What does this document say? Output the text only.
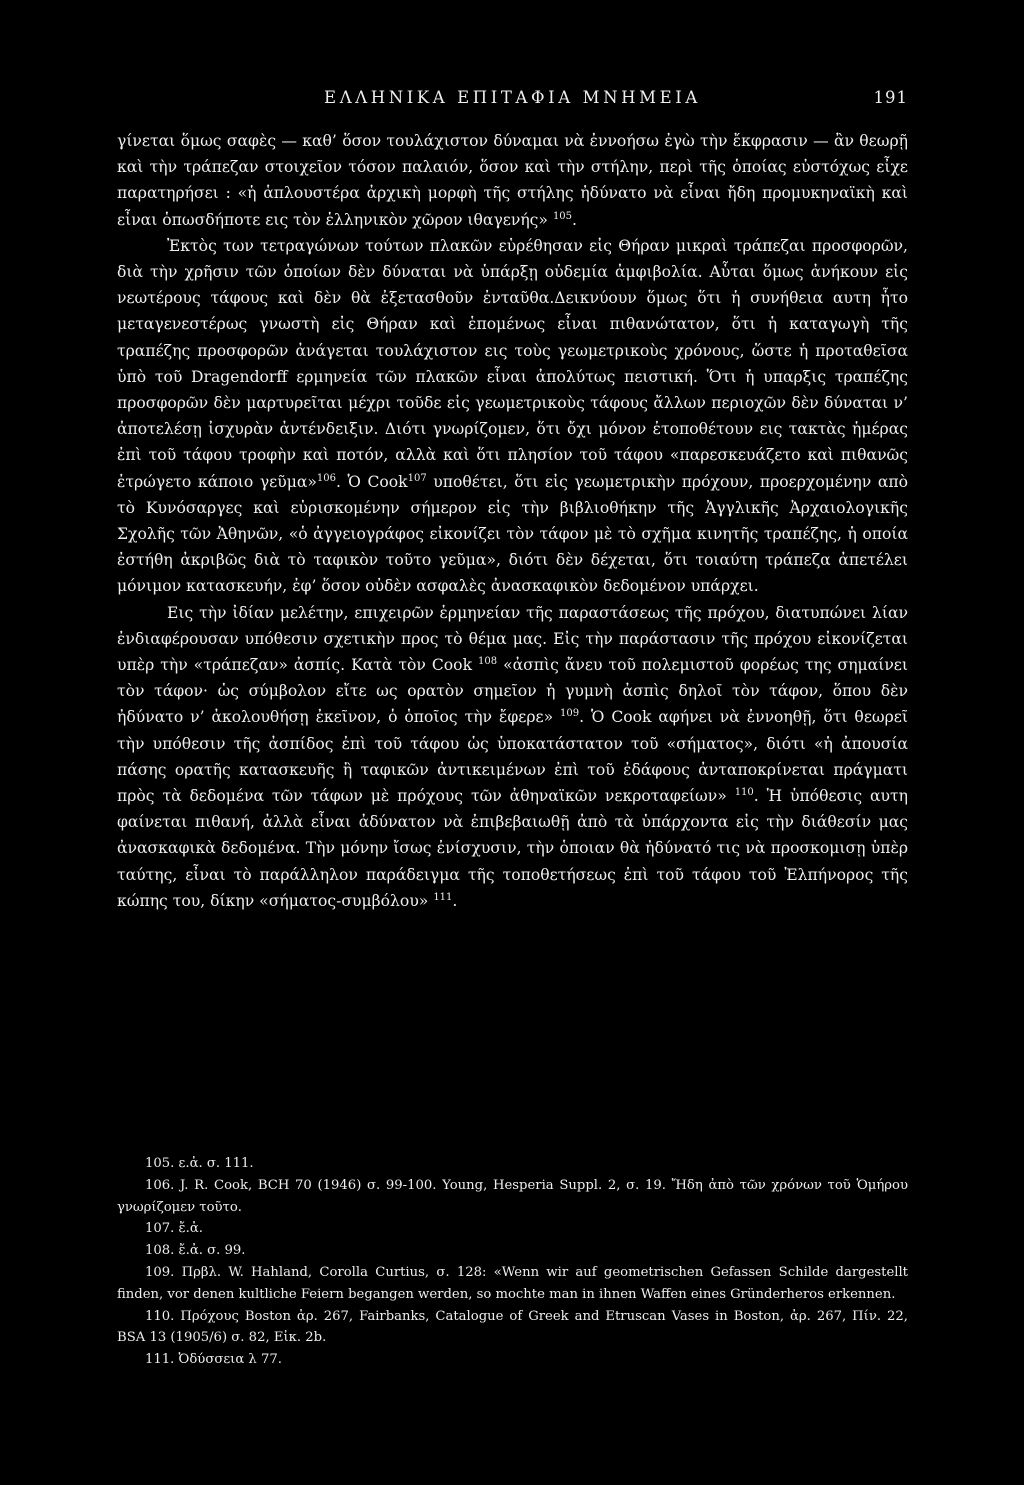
ΕΛΛΗΝΙΚΑ ΕΠΙΤΑΦΙΑ ΜΝΗΜΕΙΑ	191

γίνεται ὅμως σαφὲς — καθ’ ὅσον τουλάχιστον δύναμαι νὰ ἐννοήσω ἐγὼ τὴν ἔκφρασιν — ἂν θεωρῇ καὶ τὴν τράπεζαν στοιχεῖον τόσον παλαιόν, ὅσον καὶ τὴν στήλην, περὶ τῆς ὁποίας εὐστόχως εἶχε παρατηρήσει : «ἡ ἁπλουστέρα ἀρχικὴ μορφὴ τῆς στήλης ἠδύνατο νὰ εἶναι ἤδη προμυκηναϊκὴ καὶ εἶναι ὁπωσδήποτε εις τὸν ἑλληνικὸν χῶρον ιθαγενής» $^{105}$.

Ἐκτὸς των τετραγώνων τούτων πλακῶν εὑρέθησαν εἰς Θήραν μικραὶ τράπεζαι προσφορῶν, διὰ τὴν χρῆσιν τῶν ὁποίων δὲν δύναται νὰ ὑπάρξῃ οὐδεμία ἀμφιβολία. Αὗται ὅμως ἀνήκουν εἰς νεωτέρους τάφους καὶ δὲν θὰ ἐξετασθοῦν ἐνταῦθα.Δεικνύουν ὅμως ὅτι ἡ συνήθεια αυτη ἦτο μεταγενεστέρως γνωστὴ εἰς Θήραν καὶ ἑπομένως εἶναι πιθανώτατον, ὅτι ἡ καταγωγὴ τῆς τραπέζης προσφορῶν ἀνάγεται τουλάχιστον εις τοὺς γεωμετρικοὺς χρόνους, ὥστε ἡ προταθεῖσα ὑπὸ τοῦ Dragendorff ερμηνεία τῶν πλακῶν εἶναι ἀπολύτως πειστική. Ὅτι ἡ υπαρξις τραπέζης προσφορῶν δὲν μαρτυρεῖται μέχρι τοῦδε εἰς γεωμετρικοὺς τάφους ἄλλων περιοχῶν δὲν δύναται ν’ ἀποτελέσῃ ἰσχυρὰν ἀντένδειξιν. Διότι γνωρίζομεν, ὅτι ὄχι μόνον ἐτοποθέτουν εις τακτὰς ἡμέρας ἐπὶ τοῦ τάφου τροφὴν καὶ ποτόν, αλλὰ καὶ ὅτι πλησίον τοῦ τάφου «παρεσκευάζετο καὶ πιθανῶς ἐτρώγετο κάποιο γεῦμα»$^{106}$. Ὁ Cook$^{107}$ υποθέτει, ὅτι εἰς γεωμετρικὴν πρόχουν, προερχομένην απὸ τὸ Κυνόσαργες καὶ εὑρισκομένην σήμερον εἰς τὴν βιβλιοθήκην τῆς Ἀγγλικῆς Ἀρχαιολογικῆς Σχολῆς τῶν Ἀθηνῶν, «ὁ ἀγγειογράφος εἰκονίζει τὸν τάφον μὲ τὸ σχῆμα κινητῆς τραπέζης, ἡ οποία ἐστήθη ἀκριβῶς διὰ τὸ ταφικὸν τοῦτο γεῦμα», διότι δὲν δέχεται, ὅτι τοιαύτη τράπεζα ἀπετέλει μόνιμον κατασκευήν, ἐφ’ ὅσον οὐδὲν ασφαλὲς ἀνασκαφικὸν δεδομένον υπάρχει.

Εις τὴν ἰδίαν μελέτην, επιχειρῶν ἑρμηνείαν τῆς παραστάσεως τῆς πρόχου, διατυπώνει λίαν ἐνδιαφέρουσαν υπόθεσιν σχετικὴν προς τὸ θέμα μας. Εἰς τὴν παράστασιν τῆς πρόχου εἰκονίζεται υπὲρ τὴν «τράπεζαν» ἀσπίς. Κατὰ τὸν Cook $^{108}$ «ἀσπὶς ἄνευ τοῦ πολεμιστοῦ φορέως της σημαίνει τὸν τάφον· ὡς σύμβολον εἴτε ως ορατὸν σημεῖον ἡ γυμνὴ ἀσπὶς δηλοῖ τὸν τάφον, ὅπου δὲν ἠδύνατο ν’ ἀκολουθήσῃ ἐκεῖνον, ὁ ὁποῖος τὴν ἔφερε» $^{109}$. Ὁ Cook αφήνει νὰ ἐννοηθῇ, ὅτι θεωρεῖ τὴν υπόθεσιν τῆς ἀσπίδος ἐπὶ τοῦ τάφου ὡς ὑποκατάστατον τοῦ «σήματος», διότι «ἡ ἀπουσία πάσης ορατῆς κατασκευῆς ἢ ταφικῶν ἀντικειμένων ἐπὶ τοῦ ἐδάφους ἀνταποκρίνεται πράγματι πρὸς τὰ δεδομένα τῶν τάφων μὲ πρόχους τῶν ἀθηναϊκῶν νεκροταφείων» $^{110}$. Ἡ ὑπόθεσις αυτη φαίνεται πιθανή, ἀλλὰ εἶναι ἀδύνατον νὰ ἐπιβεβαιωθῇ ἀπὸ τὰ ὑπάρχοντα εἰς τὴν διάθεσίν μας ἀνασκαφικὰ δεδομένα. Τὴν μόνην ἴσως ἐνίσχυσιν, τὴν ὁποιαν θὰ ἠδύνατό τις νὰ προσκομισῃ ὑπὲρ ταύτης, εἶναι τὸ παράλληλον παράδειγμα τῆς τοποθετήσεως ἐπὶ τοῦ τάφου τοῦ Ἐλπήνορος τῆς κώπης του, δίκην «σήματος-συμβόλου» $^{111}$.

105. ε.ἀ. σ. 111.

106. J. R. Cook, BCH 70 (1946) σ. 99-100. Young, Hesperia Suppl. 2, σ. 19. Ἤδη ἀπὸ τῶν χρόνων τοῦ Ὁμήρου γνωρίζομεν τοῦτο.

107. ἔ.ἀ.

108. ἔ.ἀ. σ. 99.

109. Πρβλ. W. Hahland, Corolla Curtius, σ. 128: «Wenn wir auf geometrischen Gefassen Schilde dargestellt finden, vor denen kultliche Feiern begangen werden, so mochte man in ihnen Waffen eines Gründerheros erkennen.

110. Πρόχους Boston ἀρ. 267, Fairbanks, Catalogue of Greek and Etruscan Vases in Boston, ἀρ. 267, Πίν. 22, BSA 13 (1905/6) σ. 82, Εἰκ. 2b.

111. Ὀδύσσεια λ 77.
